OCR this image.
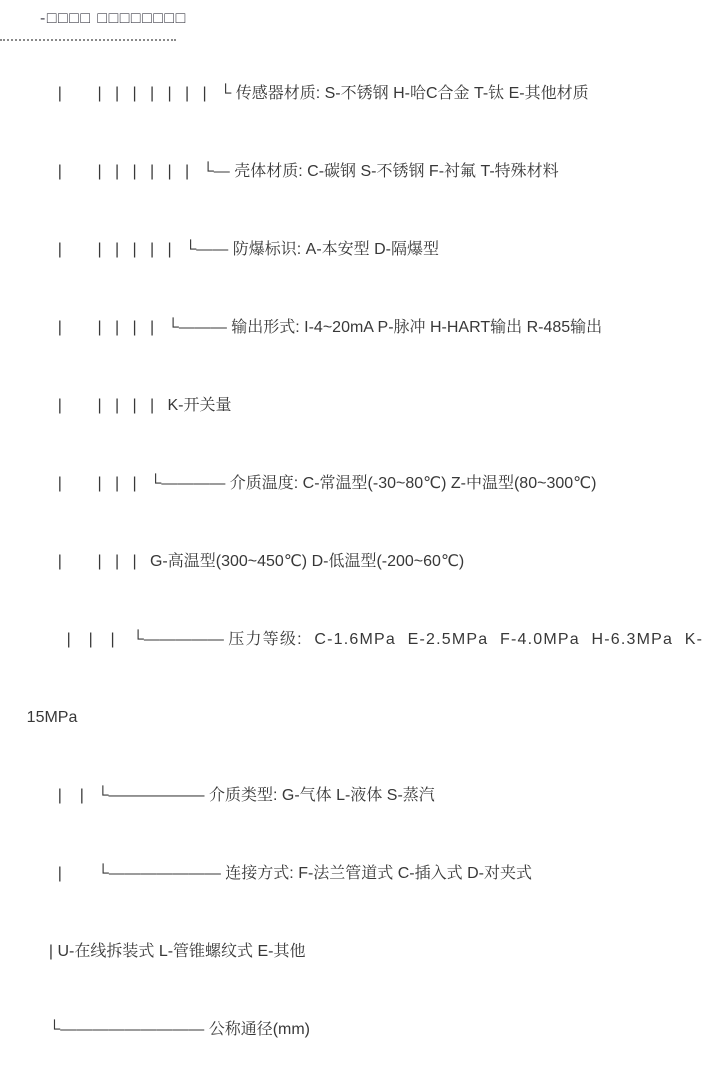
-□□□□ □□□□□□□□

|        |   |   |   |   |   |   |   └ 传感器材质: S-不锈钢 H-哈C合金 T-钛 E-其他材质

|        |   |   |   |   |   |   └— 壳体材质: C-碳钢 S-不锈钢 F-衬氟 T-特殊材料

|        |   |   |   |   |   └—— 防爆标识: A-本安型 D-隔爆型

|        |   |   |   |   └——— 输出形式: I-4~20mA P-脉冲 H-HART输出 R-485输出

|        |   |   |   |   K-开关量

|        |   |   |   └———— 介质温度: C-常温型(-30~80℃) Z-中温型(80~300℃)

|        |   |   |   G-高温型(300~450℃) D-低温型(-200~60℃)

|    |    |    └————— 压力等级: C-1.6MPa E-2.5MPa F-4.0MPa H-6.3MPa K-

15MPa

|    |   └—————— 介质类型: G-气体 L-液体 S-蒸汽

|        └——————— 连接方式: F-法兰管道式 C-插入式 D-对夹式

| U-在线拆装式 L-管锥螺纹式 E-其他

└————————— 公称通径(mm)
